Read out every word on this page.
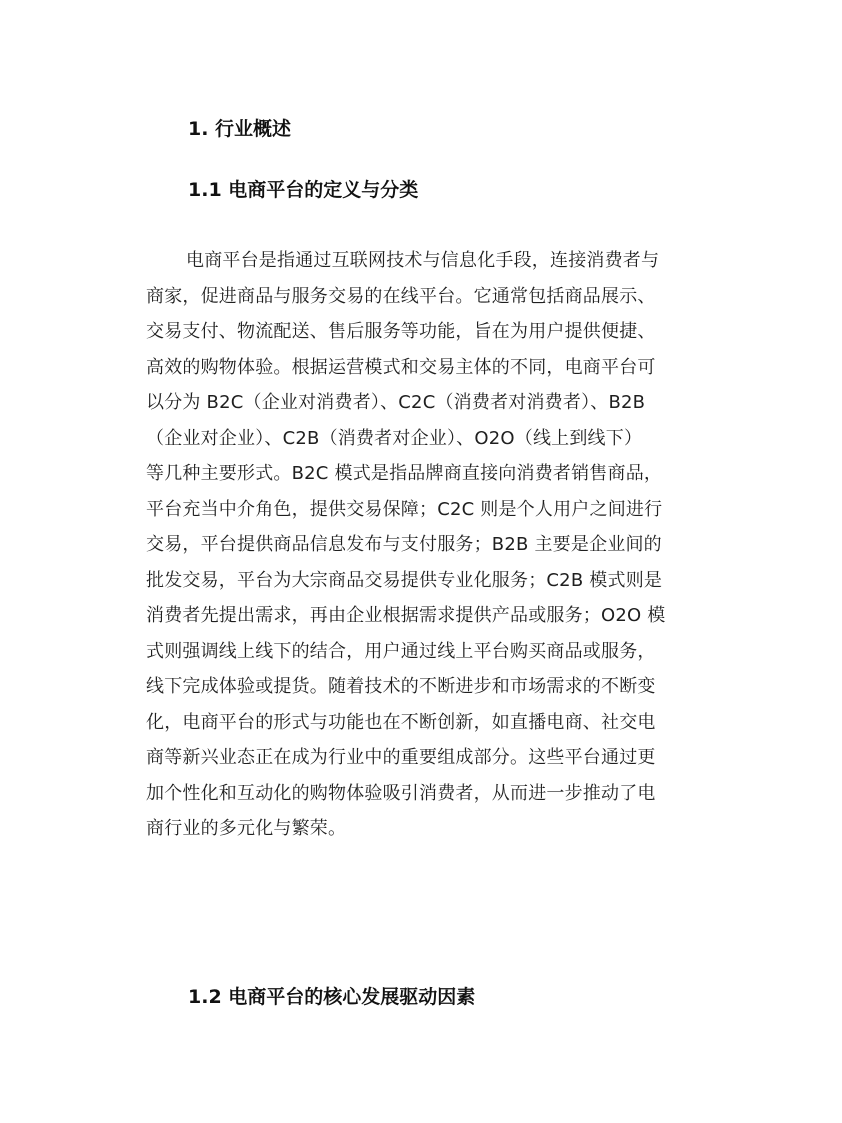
1. 行业概述
1.1 电商平台的定义与分类
电商平台是指通过互联网技术与信息化手段，连接消费者与
商家，促进商品与服务交易的在线平台。它通常包括商品展示、
交易支付、物流配送、售后服务等功能，旨在为用户提供便捷、
高效的购物体验。根据运营模式和交易主体的不同，电商平台可
以分为 B2C（企业对消费者）、C2C（消费者对消费者）、B2B
（企业对企业）、C2B（消费者对企业）、O2O（线上到线下）
等几种主要形式。B2C 模式是指品牌商直接向消费者销售商品，
平台充当中介角色，提供交易保障；C2C 则是个人用户之间进行
交易，平台提供商品信息发布与支付服务；B2B 主要是企业间的
批发交易，平台为大宗商品交易提供专业化服务；C2B 模式则是
消费者先提出需求，再由企业根据需求提供产品或服务；O2O 模
式则强调线上线下的结合，用户通过线上平台购买商品或服务，
线下完成体验或提货。随着技术的不断进步和市场需求的不断变
化，电商平台的形式与功能也在不断创新，如直播电商、社交电
商等新兴业态正在成为行业中的重要组成部分。这些平台通过更
加个性化和互动化的购物体验吸引消费者，从而进一步推动了电
商行业的多元化与繁荣。
1.2 电商平台的核心发展驱动因素
